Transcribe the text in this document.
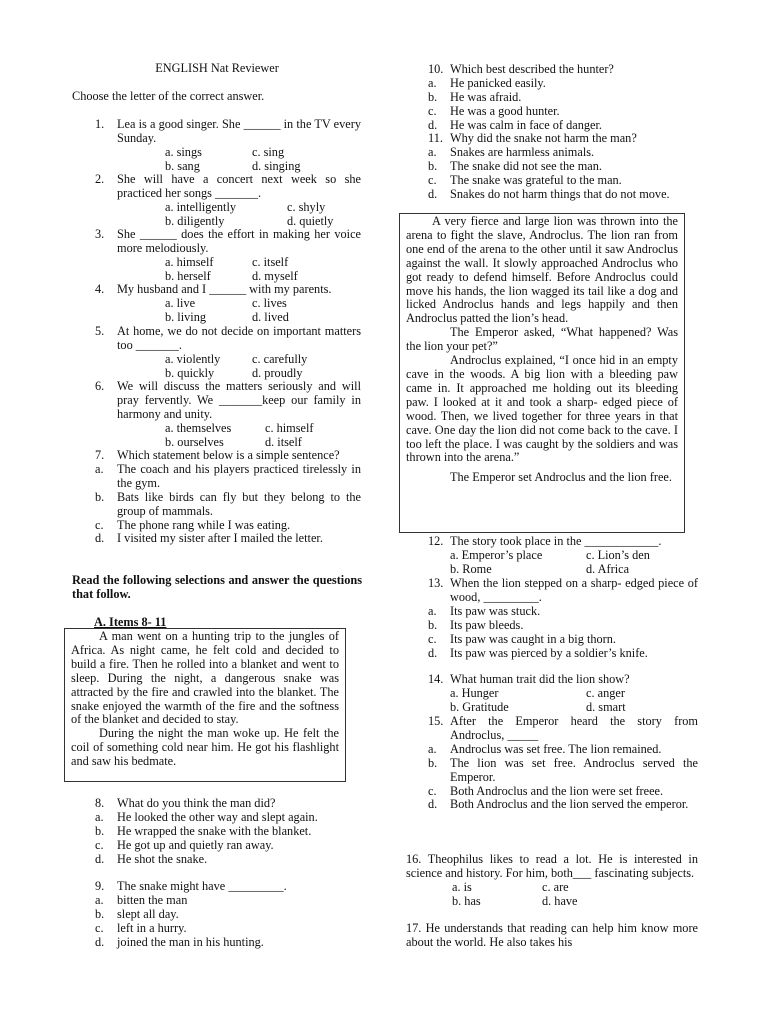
ENGLISH Nat Reviewer
Choose the letter of the correct answer.
1. Lea is a good singer. She ______ in the TV every Sunday.
a. sings	c. sing
b. sang	d. singing
2. She will have a concert next week so she practiced her songs _______.
a. intelligently	c. shyly
b. diligently	d. quietly
3. She ______ does the effort in making her voice more melodiously.
a. himself	c. itself
b. herself	d. myself
4. My husband and I ______ with my parents.
a. live	c. lives
b. living	d. lived
5. At home, we do not decide on important matters too _______.
a. violently	c. carefully
b. quickly	d. proudly
6. We will discuss the matters seriously and will pray fervently. We _______keep our family in harmony and unity.
a. themselves	c. himself
b. ourselves	d. itself
7. Which statement below is a simple sentence?
a. The coach and his players practiced tirelessly in the gym.
b. Bats like birds can fly but they belong to the group of mammals.
c. The phone rang while I was eating.
d. I visited my sister after I mailed the letter.
Read the following selections and answer the questions that follow.
A. Items 8- 11

A man went on a hunting trip to the jungles of Africa. As night came, he felt cold and decided to build a fire. Then he rolled into a blanket and went to sleep. During the night, a dangerous snake was attracted by the fire and crawled into the blanket. The snake enjoyed the warmth of the fire and the softness of the blanket and decided to stay.

During the night the man woke up. He felt the coil of something cold near him. He got his flashlight and saw his bedmate.

8. What do you think the man did?
a. He looked the other way and slept again.
b. He wrapped the snake with the blanket.
c. He got up and quietly ran away.
d. He shot the snake.
9. The snake might have _________.
a. bitten the man
b. slept all day.
c. left in a hurry.
d. joined the man in his hunting.
10. Which best described the hunter?
a. He panicked easily.
b. He was afraid.
c. He was a good hunter.
d. He was calm in face of danger.
11. Why did the snake not harm the man?
a. Snakes are harmless animals.
b. The snake did not see the man.
c. The snake was grateful to the man.
d. Snakes do not harm things that do not move.

A very fierce and large lion was thrown into the arena to fight the slave, Androclus. The lion ran from one end of the arena to the other until it saw Androclus against the wall. It slowly approached Androclus who got ready to defend himself. Before Androclus could move his hands, the lion wagged its tail like a dog and licked Androclus hands and legs happily and then Androclus patted the lion’s head.

The Emperor asked, “What happened? Was the lion your pet?”

Androclus explained, “I once hid in an empty cave in the woods. A big lion with a bleeding paw came in. It approached me holding out its bleeding paw. I looked at it and took a sharp- edged piece of wood. Then, we lived together for three years in that cave. One day the lion did not come back to the cave. I too left the place. I was caught by the soldiers and was thrown into the arena.”

The Emperor set Androclus and the lion free.

12. The story took place in the ____________.
a. Emperor’s place	c. Lion’s den
b. Rome	d. Africa
13. When the lion stepped on a sharp- edged piece of wood, _________.
a. Its paw was stuck.
b. Its paw bleeds.
c. Its paw was caught in a big thorn.
d. Its paw was pierced by a soldier’s knife.
14. What human trait did the lion show?
a. Hunger	c. anger
b. Gratitude	d. smart
15. After the Emperor heard the story from Androclus, _____
a. Androclus was set free. The lion remained.
b. The lion was set free. Androclus served the Emperor.
c. Both Androclus and the lion were set freee.
d. Both Androclus and the lion served the emperor.
16. Theophilus likes to read a lot. He is interested in science and history. For him, both___ fascinating subjects.
a. is	c. are
b. has	d. have
17. He understands that reading can help him know more about the world. He also takes his
